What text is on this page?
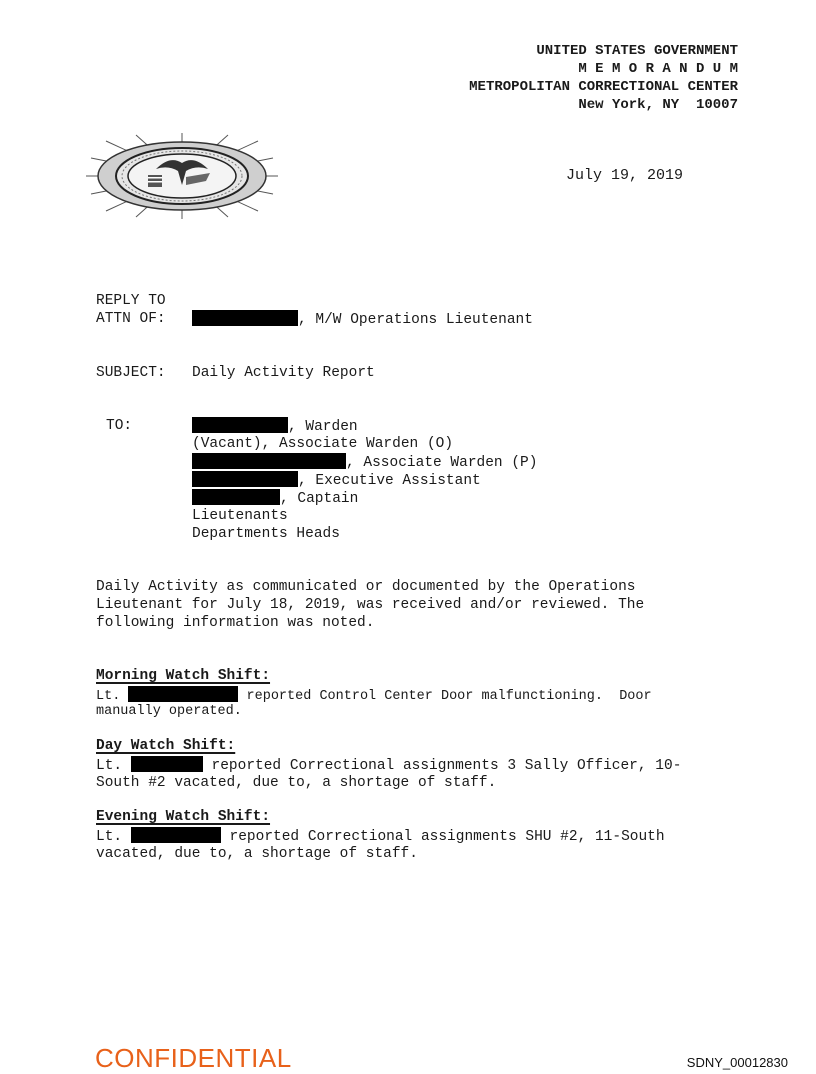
UNITED STATES GOVERNMENT
M E M O R A N D U M
METROPOLITAN CORRECTIONAL CENTER
New York, NY  10007
July 19, 2019
REPLY TO
ATTN OF:	, M/W Operations Lieutenant
SUBJECT: Daily Activity Report
TO:	, Warden
(Vacant), Associate Warden (O)
, Associate Warden (P)
, Executive Assistant
, Captain
Lieutenants
Departments Heads
Daily Activity as communicated or documented by the Operations
Lieutenant for July 18, 2019, was received and/or reviewed. The
following information was noted.
Morning Watch Shift:
Lt.	reported Control Center Door malfunctioning.  Door
manually operated.
Day Watch Shift:
Lt.	reported Correctional assignments 3 Sally Officer, 10-
South #2 vacated, due to, a shortage of staff.
Evening Watch Shift:
Lt.	reported Correctional assignments SHU #2, 11-South
vacated, due to, a shortage of staff.
CONFIDENTIAL	SDNY_00012830
